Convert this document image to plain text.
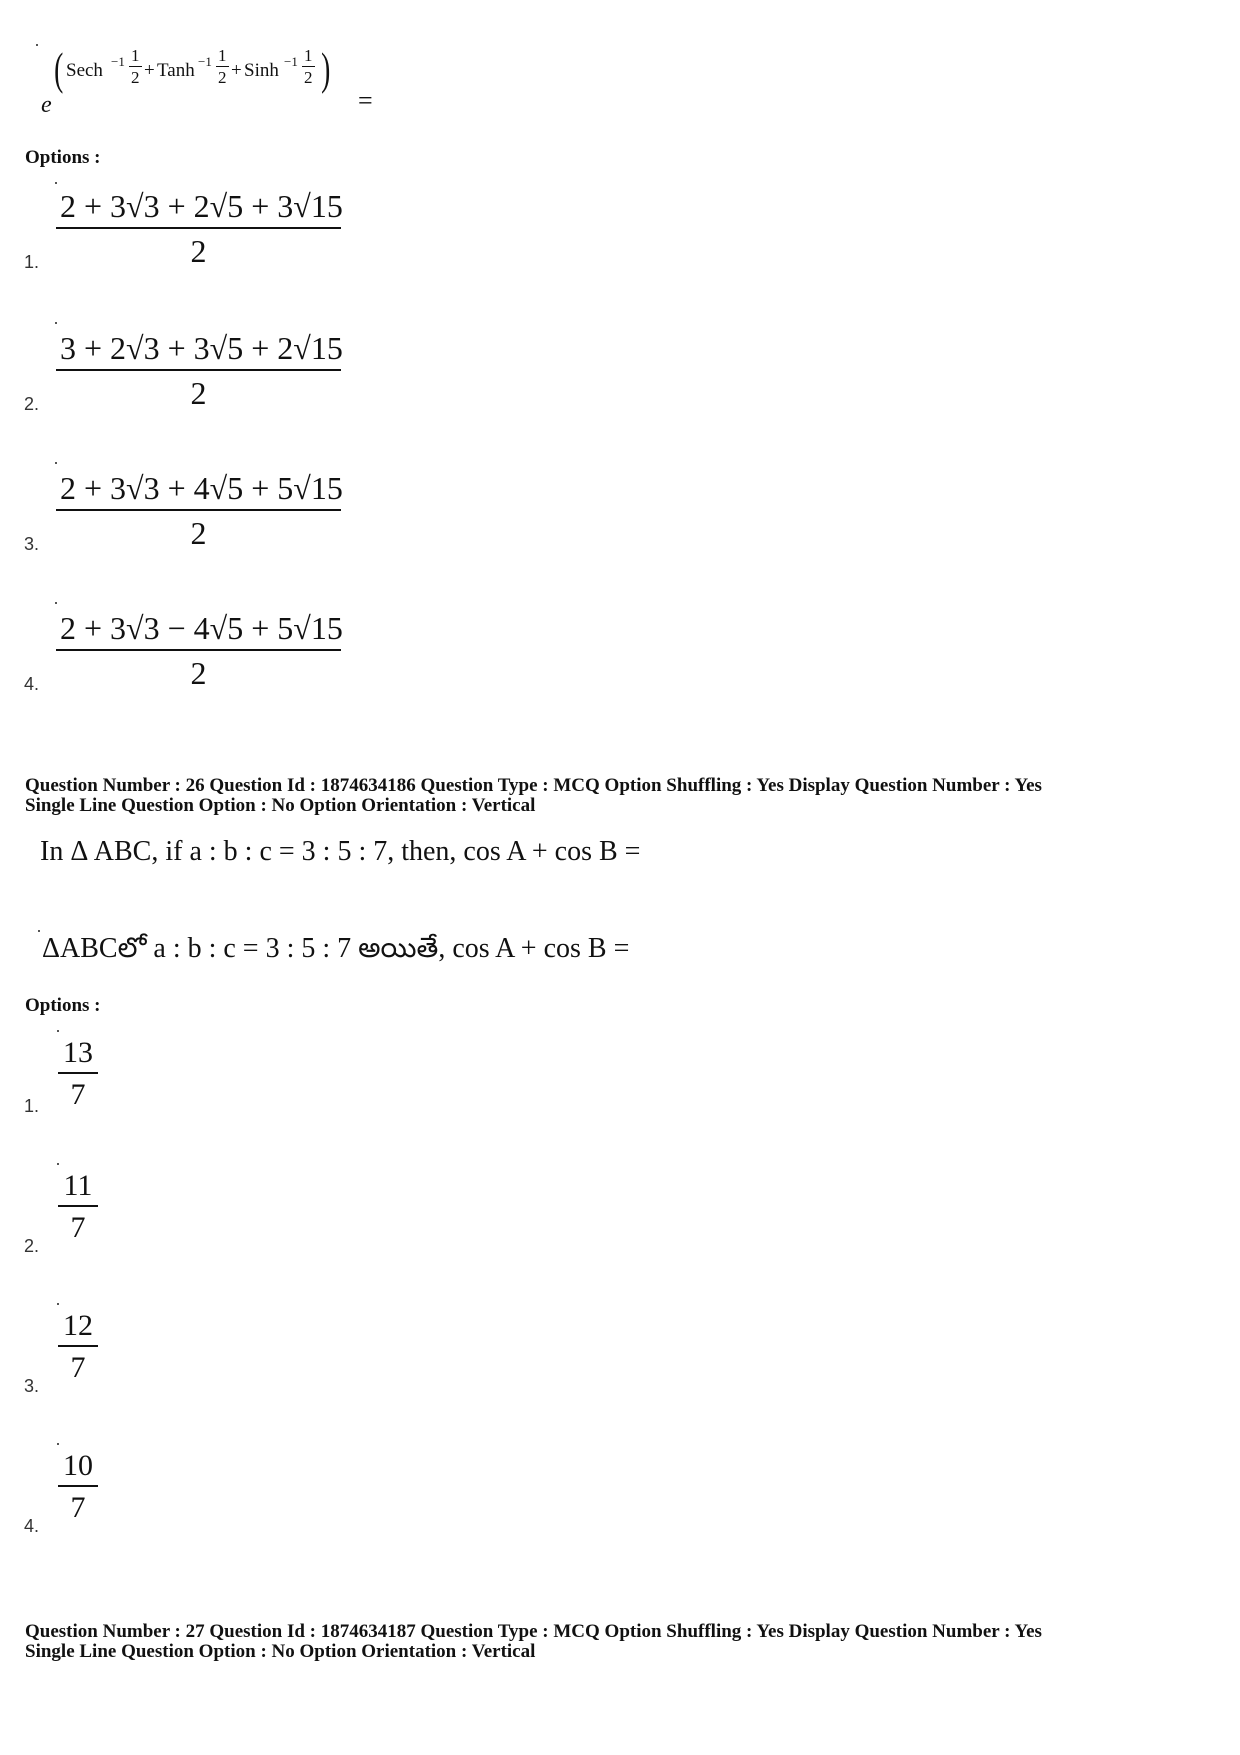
e
( Sech $-1 \frac{1}{2}$ + Tanh $-1 \frac{1}{2}$ + Sinh $-1 \frac{1}{2}$ )
=
Options :
$\frac{2 + 3√3 + 2√5 + 3√15}{2}$
1.
$\frac{3 + 2√3 + 3√5 + 2√15}{2}$
2.
$\frac{2 + 3√3 + 4√5 + 5√15}{2}$
3.
$\frac{2 + 3√3 - 4√5 + 5√15}{2}$
4.
Question Number : 26 Question Id : 1874634186 Question Type : MCQ Option Shuffling : Yes Display Question Number : Yes
Single Line Question Option : No Option Orientation : Vertical
In Δ ABC, if a : b : c = 3 : 5 : 7, then, cos A + cos B =
ΔABCలో a : b : c = 3 : 5 : 7 అయితే, cos A + cos B =
Options :
$\frac{13}{7}$
1.
$\frac{11}{7}$
2.
$\frac{12}{7}$
3.
$\frac{10}{7}$
4.
Question Number : 27 Question Id : 1874634187 Question Type : MCQ Option Shuffling : Yes Display Question Number : Yes
Single Line Question Option : No Option Orientation : Vertical
